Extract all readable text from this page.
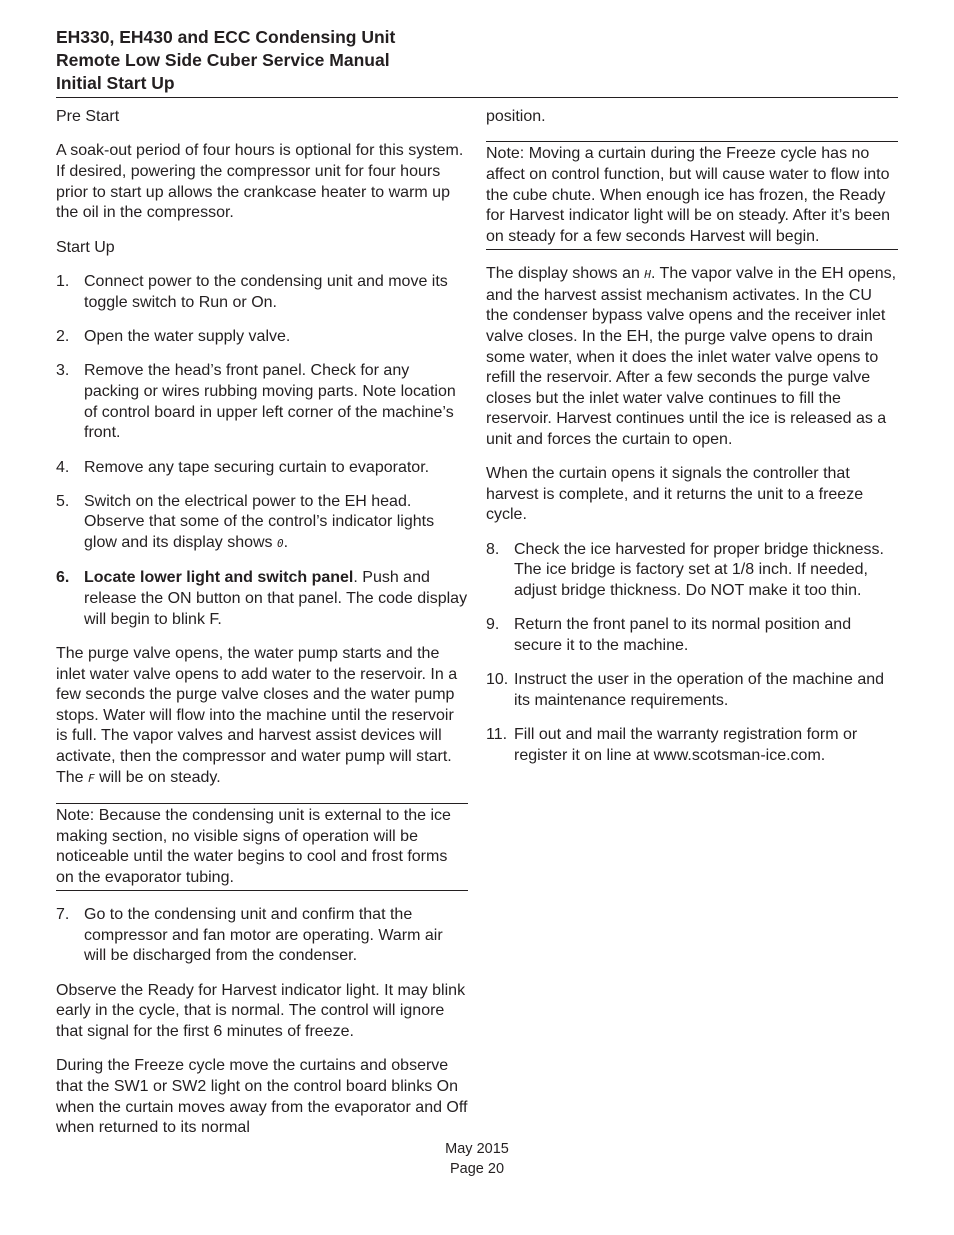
EH330, EH430 and ECC Condensing Unit
Remote Low Side Cuber Service Manual
Initial Start Up

Pre Start

A soak-out period of four hours is optional for this system. If desired, powering the compressor unit for four hours prior to start up allows the crankcase heater to warm up the oil in the compressor.

Start Up

1. Connect power to the condensing unit and move its toggle switch to Run or On.
2. Open the water supply valve.
3. Remove the head’s front panel. Check for any packing or wires rubbing moving parts. Note location of control board in upper left corner of the machine’s front.
4. Remove any tape securing curtain to evaporator.
5. Switch on the electrical power to the EH head. Observe that some of the control’s indicator lights glow and its display shows 0.
6. Locate lower light and switch panel. Push and release the ON button on that panel. The code display will begin to blink F.

The purge valve opens, the water pump starts and the inlet water valve opens to add water to the reservoir. In a few seconds the purge valve closes and the water pump stops. Water will flow into the machine until the reservoir is full. The vapor valves and harvest assist devices will activate, then the compressor and water pump will start. The F will be on steady.

Note: Because the condensing unit is external to the ice making section, no visible signs of operation will be noticeable until the water begins to cool and frost forms on the evaporator tubing.

7. Go to the condensing unit and confirm that the compressor and fan motor are operating. Warm air will be discharged from the condenser.

Observe the Ready for Harvest indicator light. It may blink early in the cycle, that is normal. The control will ignore that signal for the first 6 minutes of freeze.

During the Freeze cycle move the curtains and observe that the SW1 or SW2 light on the control board blinks On when the curtain moves away from the evaporator and Off when returned to its normal

position.

Note: Moving a curtain during the Freeze cycle has no affect on control function, but will cause water to flow into the cube chute. When enough ice has frozen, the Ready for Harvest indicator light will be on steady. After it’s been on steady for a few seconds Harvest will begin.

The display shows an H. The vapor valve in the EH opens, and the harvest assist mechanism activates. In the CU the condenser bypass valve opens and the receiver inlet valve closes. In the EH, the purge valve opens to drain some water, when it does the inlet water valve opens to refill the reservoir. After a few seconds the purge valve closes but the inlet water valve continues to fill the reservoir. Harvest continues until the ice is released as a unit and forces the curtain to open.

When the curtain opens it signals the controller that harvest is complete, and it returns the unit to a freeze cycle.

8. Check the ice harvested for proper bridge thickness. The ice bridge is factory set at 1/8 inch. If needed, adjust bridge thickness. Do NOT make it too thin.
9. Return the front panel to its normal position and secure it to the machine.
10. Instruct the user in the operation of the machine and its maintenance requirements.
11. Fill out and mail the warranty registration form or register it on line at www.scotsman-ice.com.
May 2015
Page 20
